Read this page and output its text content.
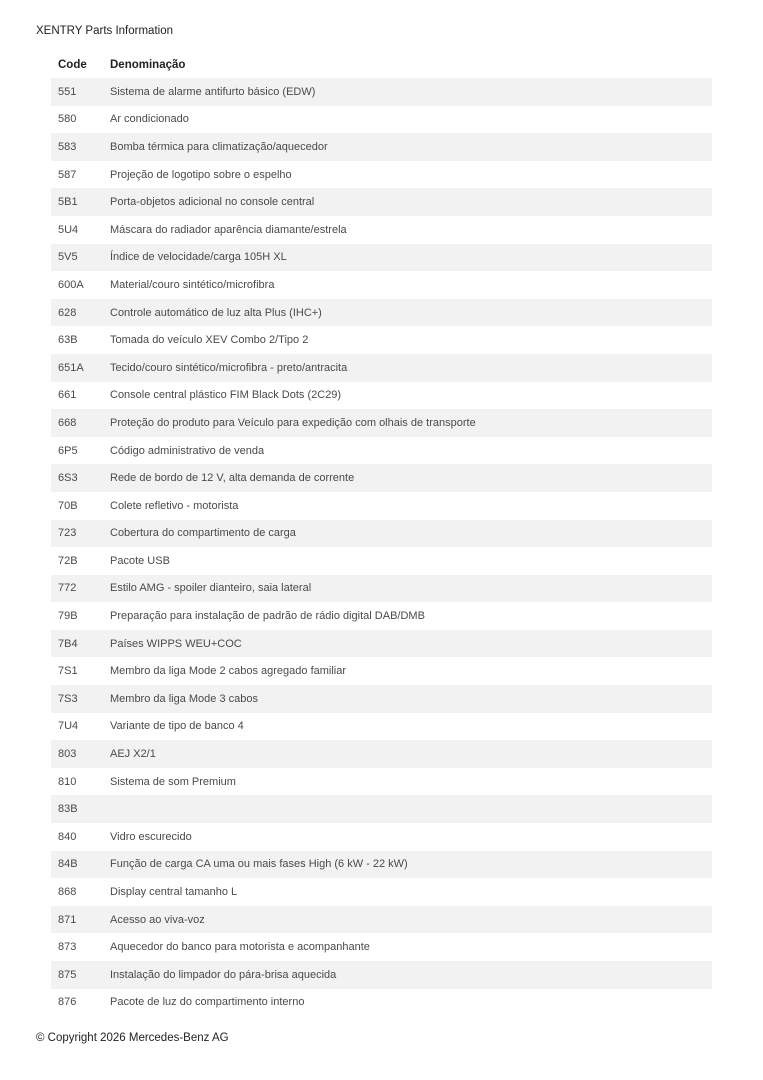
XENTRY Parts Information
Code	Denominação
551	Sistema de alarme antifurto básico (EDW)
580	Ar condicionado
583	Bomba térmica para climatização/aquecedor
587	Projeção de logotipo sobre o espelho
5B1	Porta-objetos adicional no console central
5U4	Máscara do radiador aparência diamante/estrela
5V5	Índice de velocidade/carga 105H XL
600A	Material/couro sintético/microfibra
628	Controle automático de luz alta Plus (IHC+)
63B	Tomada do veículo XEV Combo 2/Tipo 2
651A	Tecido/couro sintético/microfibra - preto/antracita
661	Console central plástico FIM Black Dots (2C29)
668	Proteção do produto para Veículo para expedição com olhais de transporte
6P5	Código administrativo de venda
6S3	Rede de bordo de 12 V, alta demanda de corrente
70B	Colete refletivo - motorista
723	Cobertura do compartimento de carga
72B	Pacote USB
772	Estilo AMG - spoiler dianteiro, saia lateral
79B	Preparação para instalação de padrão de rádio digital DAB/DMB
7B4	Países WIPPS WEU+COC
7S1	Membro da liga Mode 2 cabos agregado familiar
7S3	Membro da liga Mode 3 cabos
7U4	Variante de tipo de banco 4
803	AEJ X2/1
810	Sistema de som Premium
83B
840	Vidro escurecido
84B	Função de carga CA uma ou mais fases High (6 kW - 22 kW)
868	Display central tamanho L
871	Acesso ao viva-voz
873	Aquecedor do banco para motorista e acompanhante
875	Instalação do limpador do pára-brisa aquecida
876	Pacote de luz do compartimento interno
© Copyright 2026 Mercedes-Benz AG
